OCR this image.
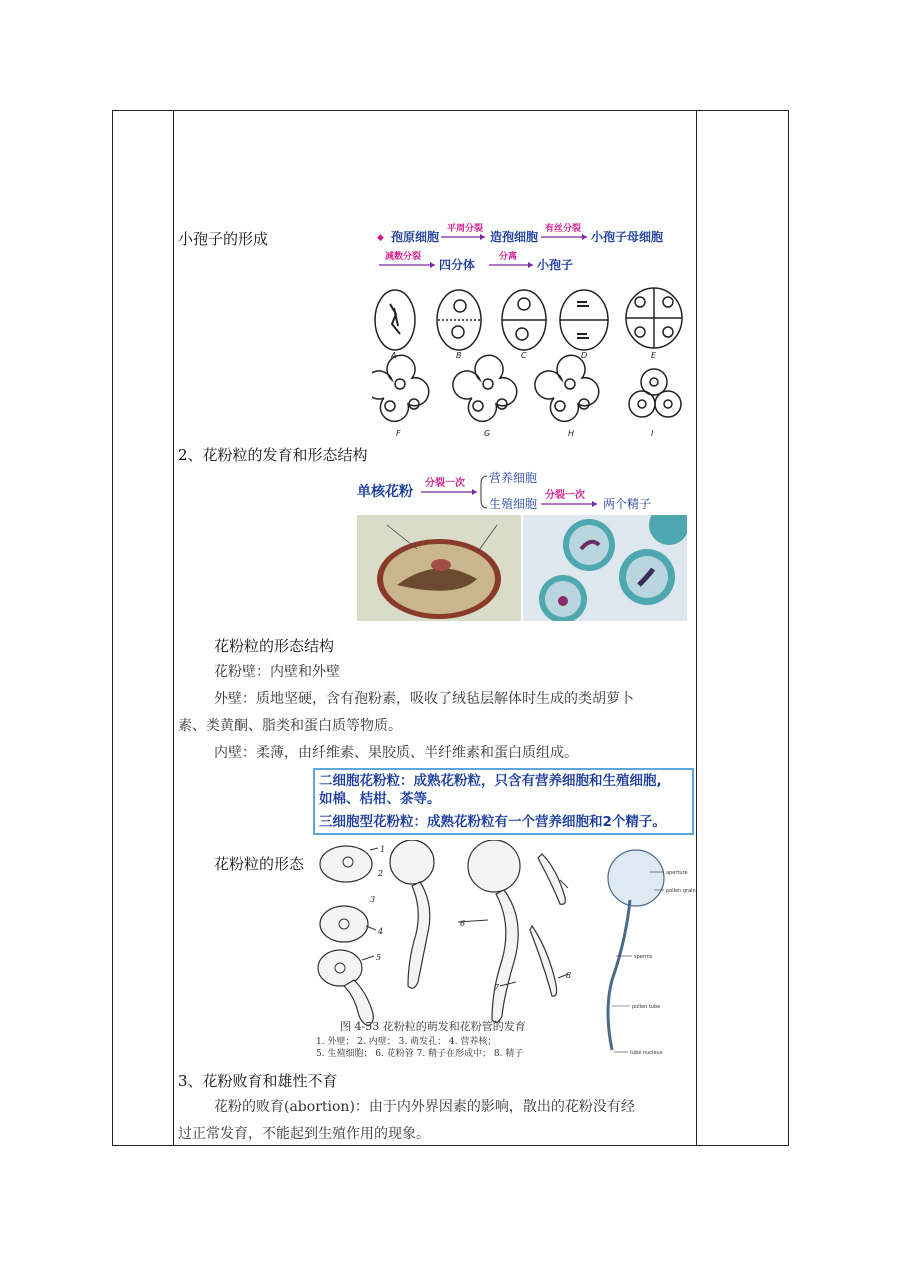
小孢子的形成	◆ 孢原细胞
平周分裂
造孢细胞
有丝分裂
小孢子母细胞
减数分裂
四分体
分离
小孢子
A	B	C	D	E
F	G	H	I
2、花粉粒的发育和形态结构
单核花粉
分裂一次 营养细胞
生殖细胞
分裂一次
两个精子
花粉粒的形态结构
花粉壁：内壁和外壁
外壁：质地坚硬，含有孢粉素，吸收了绒毡层解体时生成的类胡萝卜
素、类黄酮、脂类和蛋白质等物质。
内壁：柔薄，由纤维素、果胶质、半纤维素和蛋白质组成。
二细胞花粉粒：成熟花粉粒，只含有营养细胞和生殖细胞,
如棉、桔柑、茶等。
三细胞型花粉粒：成熟花粉粒有一个营养细胞和2个精子。
花粉粒的形态
1
2
3
4
5
6
7
8
aperture
pollen grain
sperms
pollen tube
tube nucleus
图 4-53 花粉粒的萌发和花粉管的发育
1. 外壁； 2. 内壁； 3. 萌发孔； 4. 营养核；
5. 生殖细胞； 6. 花粉管 7. 精子在形成中； 8. 精子
3、花粉败育和雄性不育
花粉的败育(abortion)：由于内外界因素的影响，散出的花粉没有经
过正常发育，不能起到生殖作用的现象。
